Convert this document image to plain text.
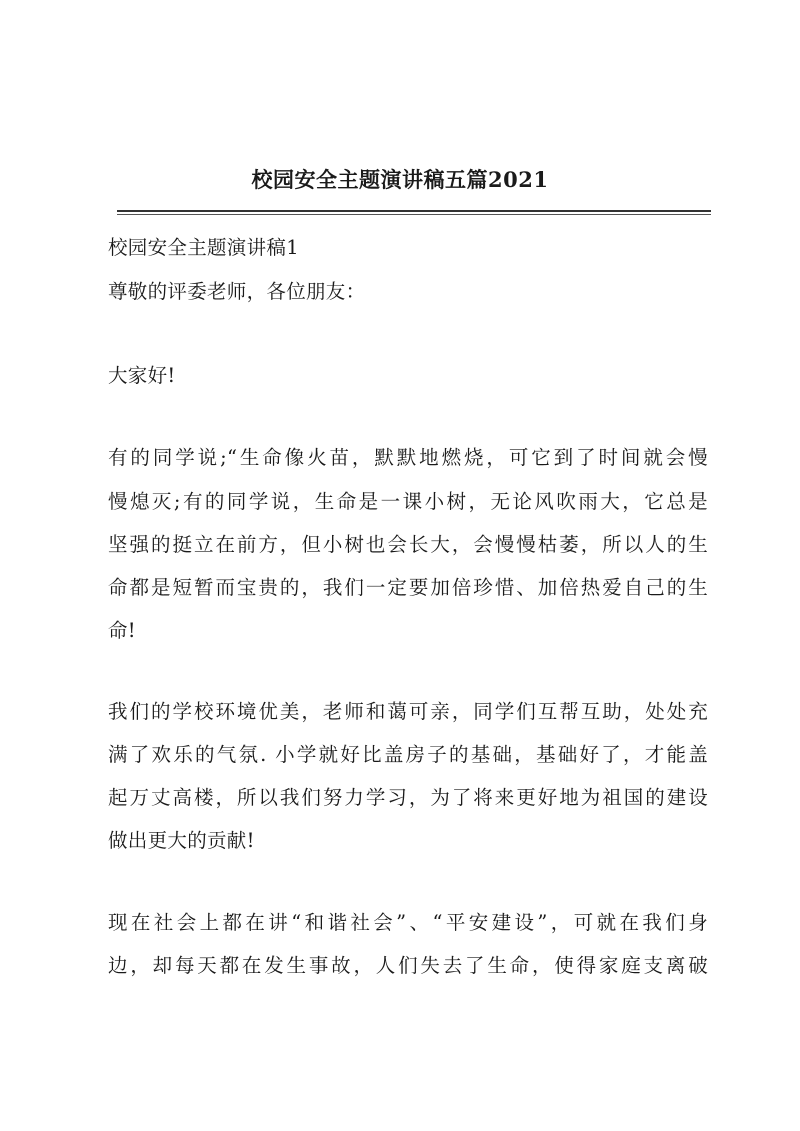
校园安全主题演讲稿五篇2021
校园安全主题演讲稿1
尊敬的评委老师，各位朋友：
大家好!
有的同学说;“生命像火苗，默默地燃烧，可它到了时间就会慢
慢熄灭;有的同学说，生命是一课小树，无论风吹雨大，它总是
坚强的挺立在前方，但小树也会长大，会慢慢枯萎，所以人的生
命都是短暂而宝贵的，我们一定要加倍珍惜、加倍热爱自己的生
命!
我们的学校环境优美，老师和蔼可亲，同学们互帮互助，处处充
满了欢乐的气氛. 小学就好比盖房子的基础，基础好了，才能盖
起万丈高楼，所以我们努力学习，为了将来更好地为祖国的建设
做出更大的贡献!
现在社会上都在讲“和谐社会”、“平安建设”，可就在我们身
边，却每天都在发生事故，人们失去了生命，使得家庭支离破
